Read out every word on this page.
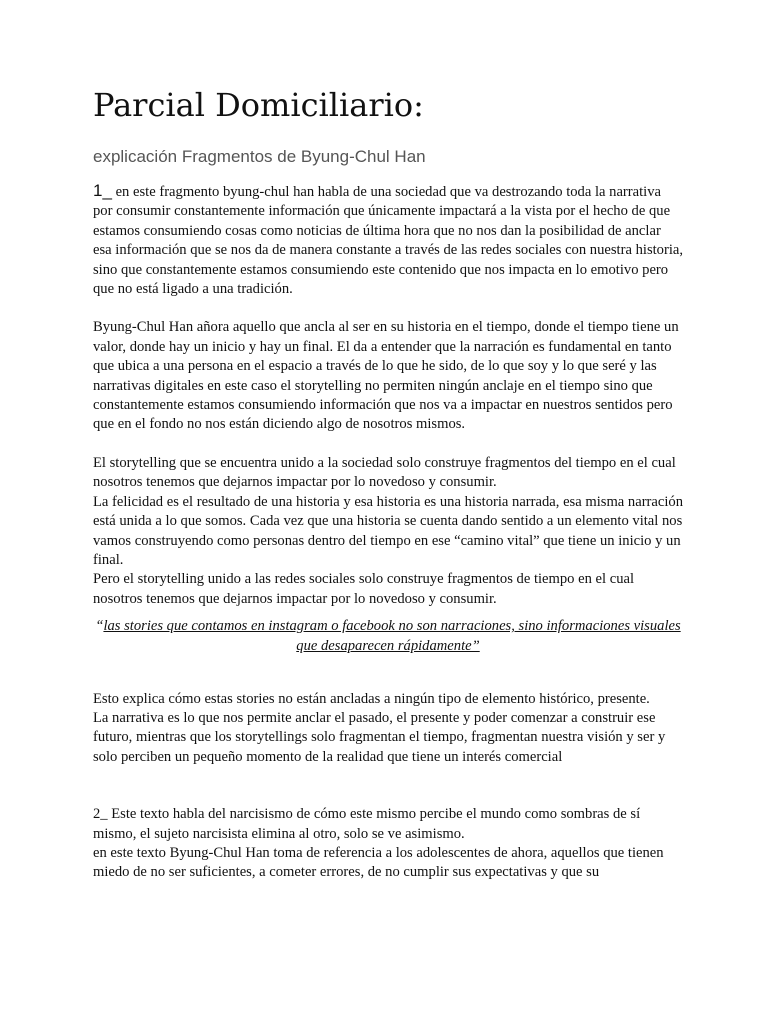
Parcial Domiciliario:
explicación Fragmentos de Byung-Chul Han

1_ en este fragmento byung-chul han habla de una sociedad que va destrozando toda la narrativa por consumir constantemente información que únicamente impactará a la vista por el hecho de que estamos consumiendo cosas como noticias de última hora que no nos dan la posibilidad de anclar esa información que se nos da de manera constante a través de las redes sociales con nuestra historia, sino que constantemente estamos consumiendo este contenido que nos impacta en lo emotivo pero que no está ligado a una tradición.

Byung-Chul Han añora aquello que ancla al ser en su historia en el tiempo, donde el tiempo tiene un valor, donde hay un inicio y hay un final. El da a entender que la narración es fundamental en tanto que ubica a una persona en el espacio a través de lo que he sido, de lo que soy y lo que seré y las narrativas digitales en este caso el storytelling no permiten ningún anclaje en el tiempo sino que constantemente estamos consumiendo información que nos va a impactar en nuestros sentidos pero que en el fondo no nos están diciendo algo de nosotros mismos.

El storytelling que se encuentra unido a la sociedad solo construye fragmentos del tiempo en el cual nosotros tenemos que dejarnos impactar por lo novedoso y consumir.

La felicidad es el resultado de una historia y esa historia es una historia narrada, esa misma narración está unida a lo que somos. Cada vez que una historia se cuenta dando sentido a un elemento vital nos vamos construyendo como personas dentro del tiempo en ese “camino vital” que tiene un inicio y un final.

Pero el storytelling unido a las redes sociales solo construye fragmentos de tiempo en el cual nosotros tenemos que dejarnos impactar por lo novedoso y consumir.

“las stories que contamos en instagram o facebook no son narraciones, sino informaciones visuales que desaparecen rápidamente”

Esto explica cómo estas stories no están ancladas a ningún tipo de elemento histórico, presente.

La narrativa es lo que nos permite anclar el pasado, el presente y poder comenzar a construir ese futuro, mientras que los storytellings solo fragmentan el tiempo, fragmentan nuestra visión y ser y solo perciben un pequeño momento de la realidad que tiene un interés comercial

2_ Este texto habla del narcisismo de cómo este mismo percibe el mundo como sombras de sí mismo, el sujeto narcisista elimina al otro, solo se ve asimismo.

en este texto Byung-Chul Han toma de referencia a los adolescentes de ahora, aquellos que tienen miedo de no ser suficientes, a cometer errores, de no cumplir sus expectativas y que su
